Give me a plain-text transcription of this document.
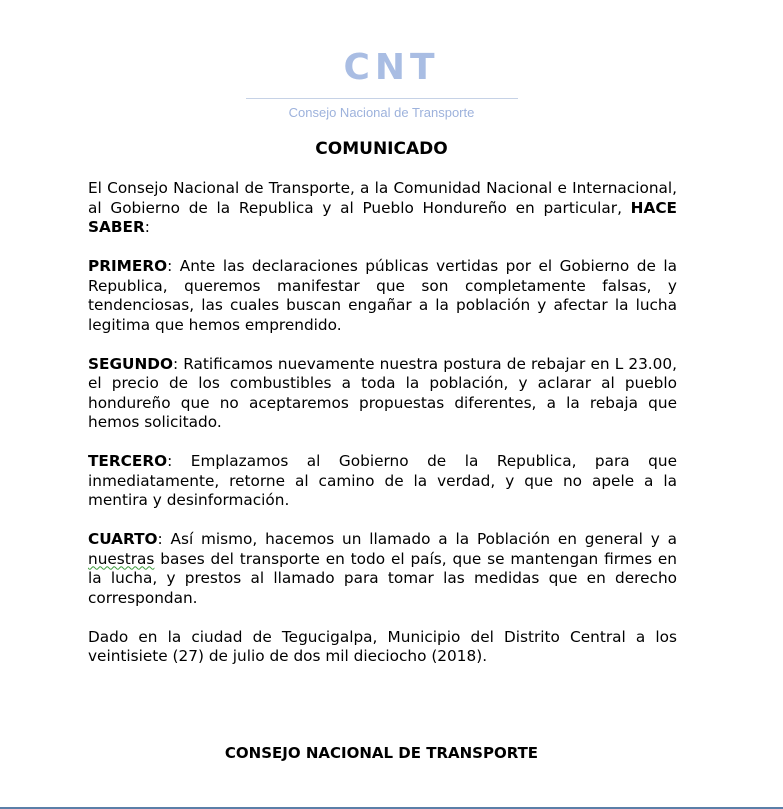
CNT
Consejo Nacional de Transporte
COMUNICADO

El Consejo Nacional de Transporte, a la Comunidad Nacional e Internacional, al Gobierno de la Republica y al Pueblo Hondureño en particular, HACE SABER:

PRIMERO: Ante las declaraciones públicas vertidas por el Gobierno de la Republica, queremos manifestar que son completamente falsas, y tendenciosas, las cuales buscan engañar a la población y afectar la lucha legitima que hemos emprendido.

SEGUNDO: Ratificamos nuevamente nuestra postura de rebajar en L 23.00, el precio de los combustibles a toda la población, y aclarar al pueblo hondureño que no aceptaremos propuestas diferentes, a la rebaja que hemos solicitado.

TERCERO: Emplazamos al Gobierno de la Republica, para que inmediatamente, retorne al camino de la verdad, y que no apele a la mentira y desinformación.

CUARTO: Así mismo, hacemos un llamado a la Población en general y a nuestras bases del transporte en todo el país, que se mantengan firmes en la lucha, y prestos al llamado para tomar las medidas que en derecho correspondan.

Dado en la ciudad de Tegucigalpa, Municipio del Distrito Central a los veintisiete (27) de julio de dos mil dieciocho (2018).

CONSEJO NACIONAL DE TRANSPORTE
